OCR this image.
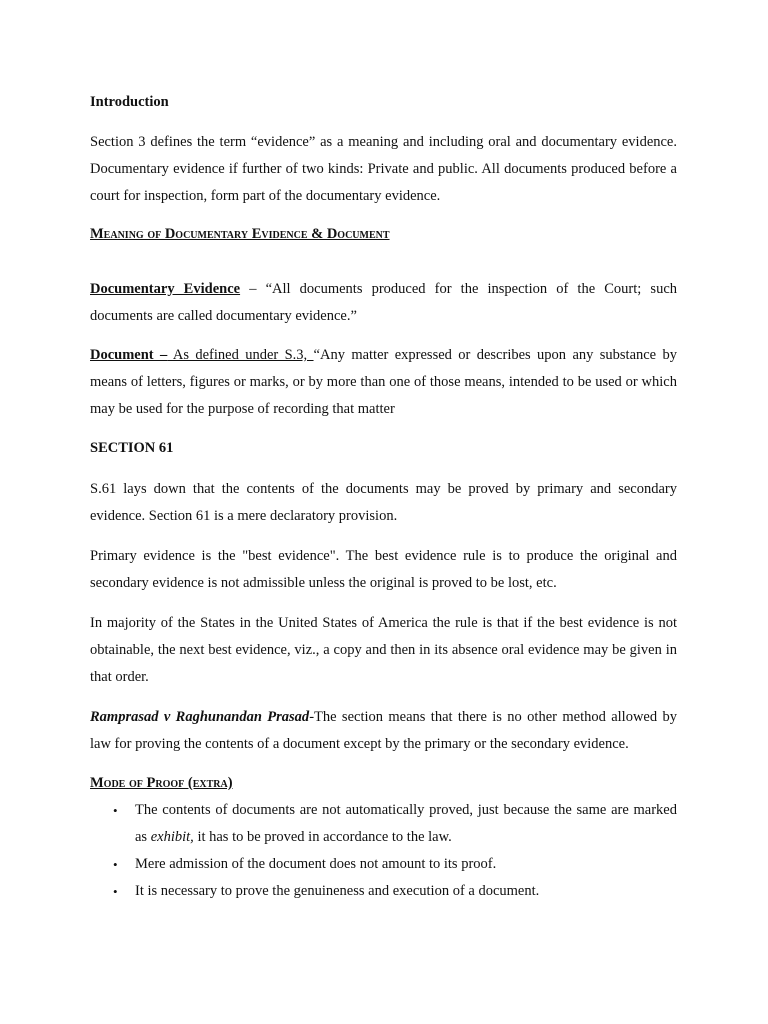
Introduction
Section 3 defines the term “evidence” as a meaning and including oral and documentary evidence. Documentary evidence if further of two kinds: Private and public. All documents produced before a court for inspection, form part of the documentary evidence.
Meaning of Documentary Evidence & Document
Documentary Evidence – “All documents produced for the inspection of the Court; such documents are called documentary evidence.”
Document – As defined under S.3, “Any matter expressed or describes upon any substance by means of letters, figures or marks, or by more than one of those means, intended to be used or which may be used for the purpose of recording that matter
SECTION 61
S.61 lays down that the contents of the documents may be proved by primary and secondary evidence. Section 61 is a mere declaratory provision.
Primary evidence is the "best evidence". The best evidence rule is to produce the original and secondary evidence is not admissible unless the original is proved to be lost, etc.
In majority of the States in the United States of America the rule is that if the best evidence is not obtainable, the next best evidence, viz., a copy and then in its absence oral evidence may be given in that order.
Ramprasad v Raghunandan Prasad-The section means that there is no other method allowed by law for proving the contents of a document except by the primary or the secondary evidence.
Mode of Proof (extra)
• The contents of documents are not automatically proved, just because the same are marked as exhibit, it has to be proved in accordance to the law.
• Mere admission of the document does not amount to its proof.
• It is necessary to prove the genuineness and execution of a document.
